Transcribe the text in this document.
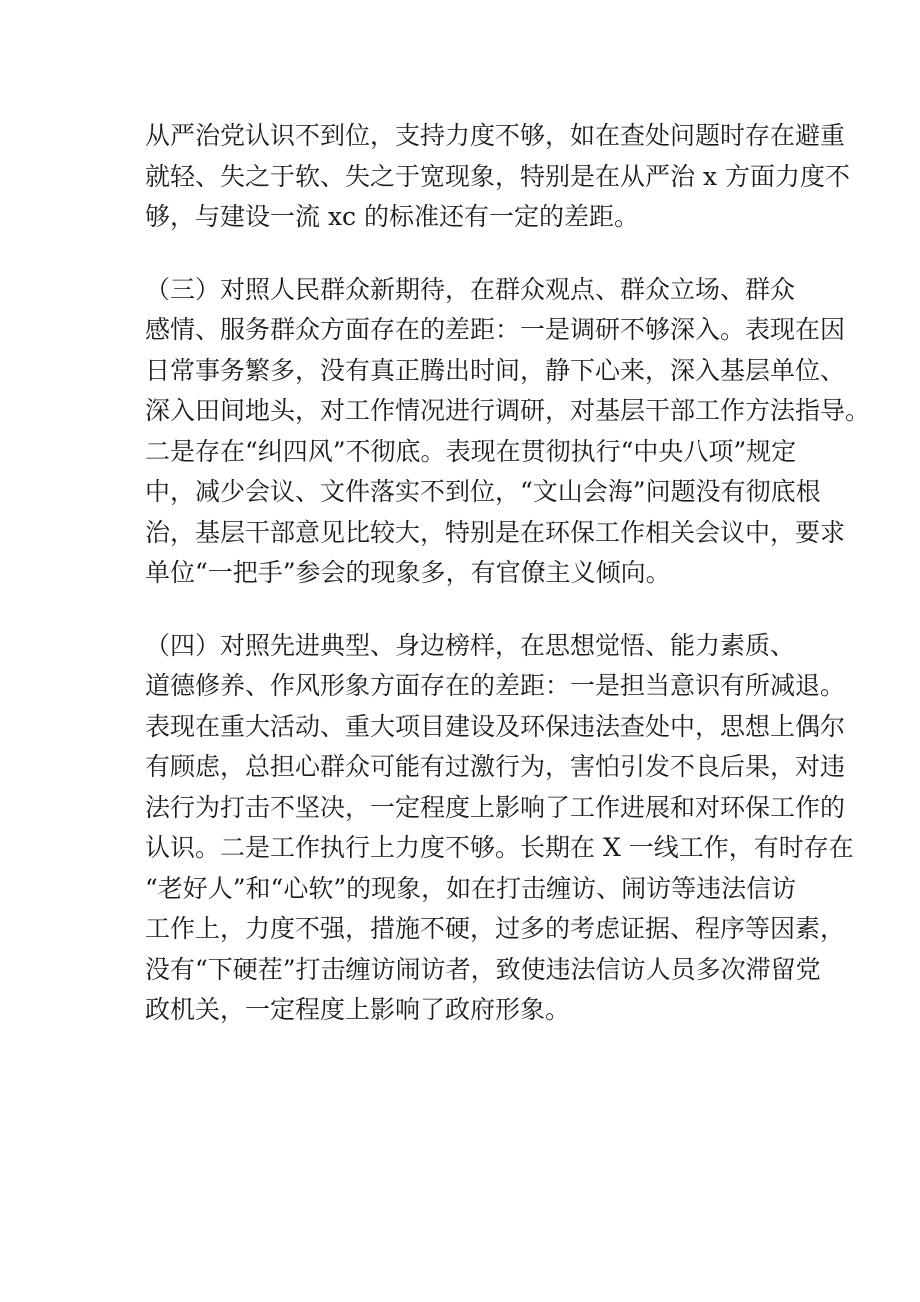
从严治党认识不到位，支持力度不够，如在查处问题时存在避重
就轻、失之于软、失之于宽现象，特别是在从严治 x 方面力度不
够，与建设一流 xc 的标准还有一定的差距。
（三）对照人民群众新期待，在群众观点、群众立场、群众
感情、服务群众方面存在的差距：一是调研不够深入。表现在因
日常事务繁多，没有真正腾出时间，静下心来，深入基层单位、
深入田间地头，对工作情况进行调研，对基层干部工作方法指导。
二是存在“纠四风”不彻底。表现在贯彻执行“中央八项”规定
中，减少会议、文件落实不到位，“文山会海”问题没有彻底根
治，基层干部意见比较大，特别是在环保工作相关会议中，要求
单位“一把手”参会的现象多，有官僚主义倾向。
（四）对照先进典型、身边榜样，在思想觉悟、能力素质、
道德修养、作风形象方面存在的差距：一是担当意识有所减退。
表现在重大活动、重大项目建设及环保违法查处中，思想上偶尔
有顾虑，总担心群众可能有过激行为，害怕引发不良后果，对违
法行为打击不坚决，一定程度上影响了工作进展和对环保工作的
认识。二是工作执行上力度不够。长期在 X 一线工作，有时存在
“老好人”和“心软”的现象，如在打击缠访、闹访等违法信访
工作上，力度不强，措施不硬，过多的考虑证据、程序等因素，
没有“下硬茬”打击缠访闹访者，致使违法信访人员多次滞留党
政机关，一定程度上影响了政府形象。
